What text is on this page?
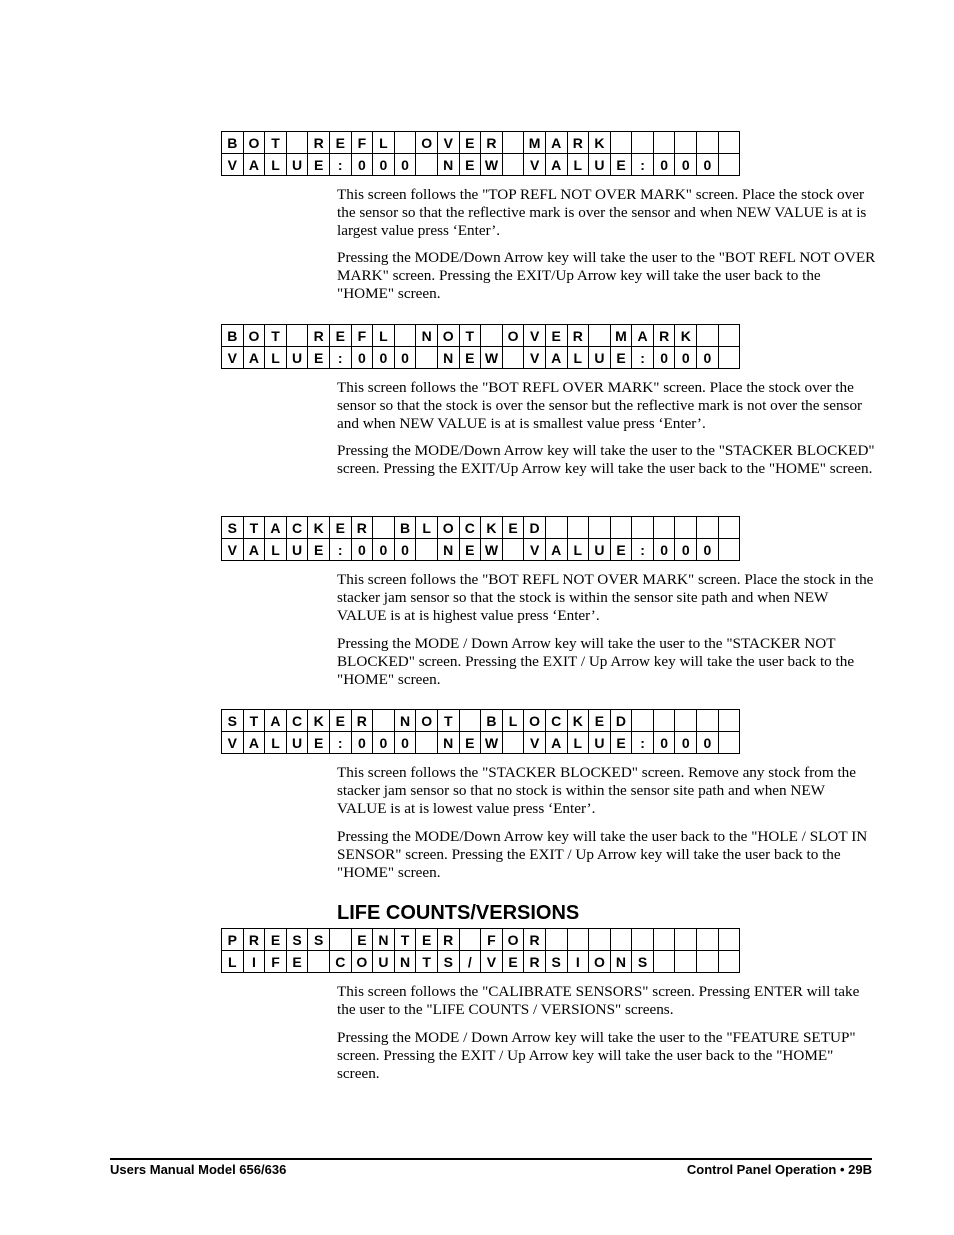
B	O	T		R	E	F	L		O	V	E	R		M	A	R	K						
V	A	L	U	E	:	0	0	0		N	E	W		V	A	L	U	E	:	0	0	0	

This screen follows the "TOP REFL NOT OVER MARK" screen. Place the stock over the sensor so that the reflective mark is over the sensor and when NEW VALUE is at is largest value press ‘Enter’.

Pressing the MODE/Down Arrow key will take the user to the "BOT REFL NOT OVER MARK" screen. Pressing the EXIT/Up Arrow key will take the user back to the "HOME" screen.

B	O	T		R	E	F	L		N	O	T		O	V	E	R		M	A	R	K		
V	A	L	U	E	:	0	0	0		N	E	W		V	A	L	U	E	:	0	0	0	

This screen follows the "BOT REFL OVER MARK" screen. Place the stock over the sensor so that the stock is over the sensor but the reflective mark is not over the sensor and when NEW VALUE is at is smallest value press ‘Enter’.

Pressing the MODE/Down Arrow key will take the user to the "STACKER BLOCKED" screen. Pressing the EXIT/Up Arrow key will take the user back to the "HOME" screen.

S	T	A	C	K	E	R		B	L	O	C	K	E	D									
V	A	L	U	E	:	0	0	0		N	E	W		V	A	L	U	E	:	0	0	0	

This screen follows the "BOT REFL NOT OVER MARK" screen. Place the stock in the stacker jam sensor so that the stock is within the sensor site path and when NEW VALUE is at is highest value press ‘Enter’.

Pressing the MODE / Down Arrow key will take the user to the "STACKER NOT BLOCKED" screen. Pressing the EXIT / Up Arrow key will take the user back to the "HOME" screen.

S	T	A	C	K	E	R		N	O	T		B	L	O	C	K	E	D					
V	A	L	U	E	:	0	0	0		N	E	W		V	A	L	U	E	:	0	0	0	

This screen follows the "STACKER BLOCKED" screen. Remove any stock from the stacker jam sensor so that no stock is within the sensor site path and when NEW VALUE is at is lowest value press ‘Enter’.

Pressing the MODE/Down Arrow key will take the user back to the "HOLE / SLOT IN SENSOR" screen. Pressing the EXIT / Up Arrow key will take the user back to the "HOME" screen.

LIFE COUNTS/VERSIONS
P	R	E	S	S		E	N	T	E	R		F	O	R									
L	I	F	E		C	O	U	N	T	S	/	V	E	R	S	I	O	N	S				

This screen follows the "CALIBRATE SENSORS" screen. Pressing ENTER will take the user to the "LIFE COUNTS / VERSIONS" screens.

Pressing the MODE / Down Arrow key will take the user to the "FEATURE SETUP" screen. Pressing the EXIT / Up Arrow key will take the user back to the "HOME" screen.

Users Manual Model 656/636	Control Panel Operation • 29B
